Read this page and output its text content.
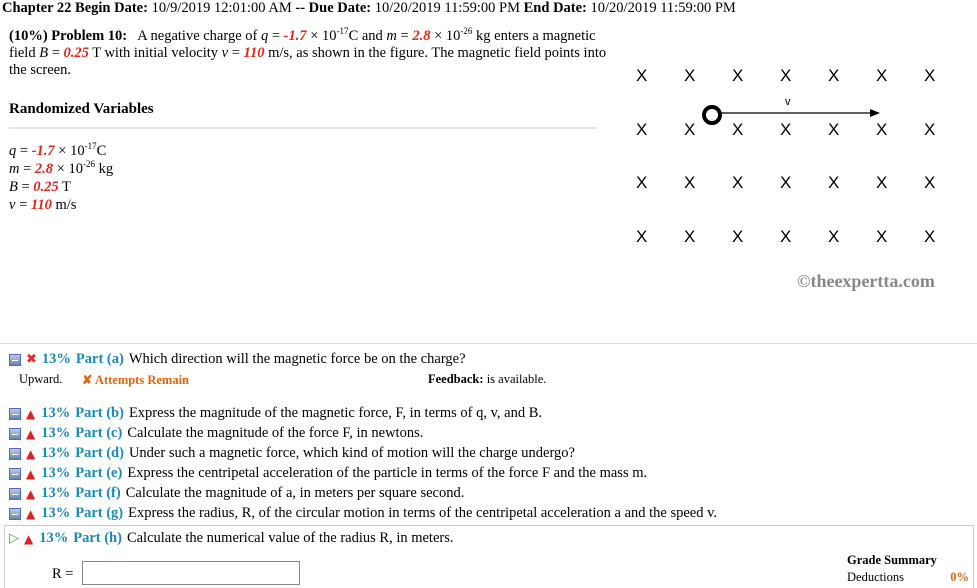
Chapter 22 Begin Date: 10/9/2019 12:01:00 AM -- Due Date: 10/20/2019 11:59:00 PM End Date: 10/20/2019 11:59:00 PM
(10%) Problem 10:   A negative charge of $q = -1.7 \times 10^{-17}C$ and $m = 2.8 \times 10^{-26}$ kg enters a magnetic field B = 0.25 T with initial velocity v = 110 m/s, as shown in the figure. The magnetic field points into the screen.
Randomized Variables
$q = -1.7 \times 10^{-17}C$
$m = 2.8 \times 10^{-26}$ kg
B = 0.25 T
v = 110 m/s
X X X X X X X
X X X X X X X
X X X X X X X
X X X X X X X
v
©theexpertta.com
✖ 13% Part (a) Which direction will the magnetic force be on the charge?
Upward.	✘ Attempts Remain	Feedback: is available.
▲ 13% Part (b) Express the magnitude of the magnetic force, F, in terms of q, v, and B.
▲ 13% Part (c) Calculate the magnitude of the force F, in newtons.
▲ 13% Part (d) Under such a magnetic force, which kind of motion will the charge undergo?
▲ 13% Part (e) Express the centripetal acceleration of the particle in terms of the force F and the mass m.
▲ 13% Part (f) Calculate the magnitude of a, in meters per square second.
▲ 13% Part (g) Express the radius, R, of the circular motion in terms of the centripetal acceleration a and the speed v.
▷ ▲ 13% Part (h) Calculate the numerical value of the radius R, in meters.
R =
Grade Summary
Deductions	0%
